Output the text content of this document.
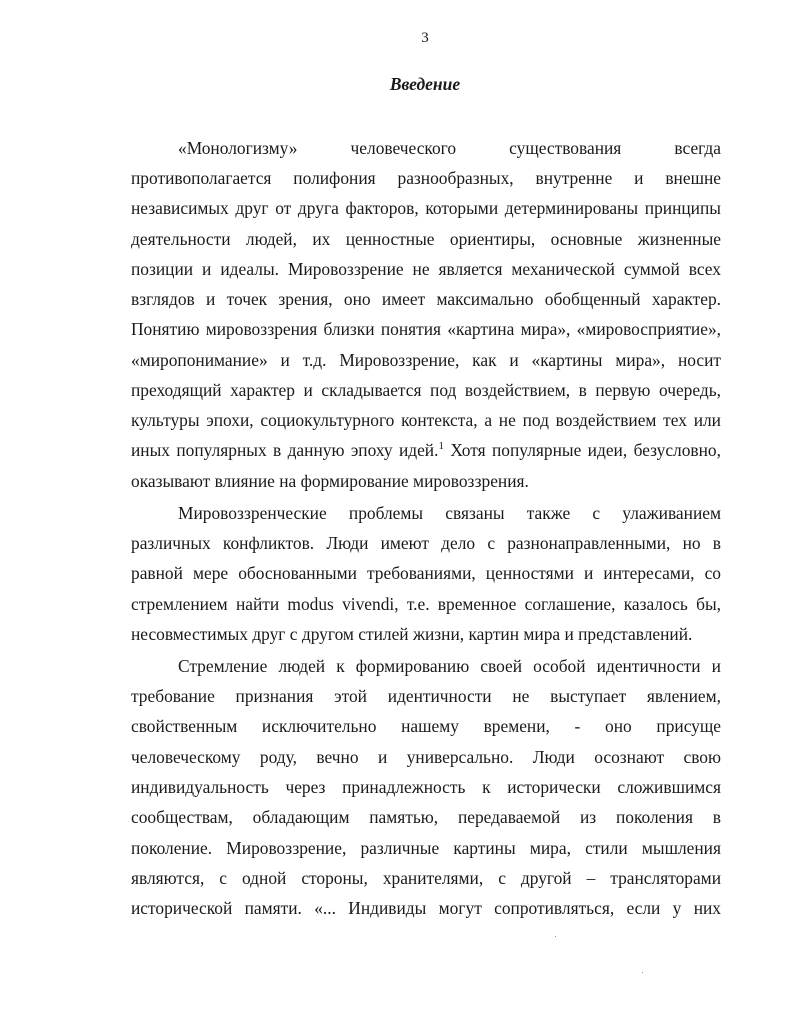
3
Введение
«Монологизму» человеческого существования всегда
противополагается полифония разнообразных, внутренне и внешне
независимых друг от друга факторов, которыми детерминированы принципы
деятельности людей, их ценностные ориентиры, основные жизненные
позиции и идеалы. Мировоззрение не является механической суммой всех
взглядов и точек зрения, оно имеет максимально обобщенный характер.
Понятию мировоззрения близки понятия «картина мира», «мировосприятие»,
«миропонимание» и т.д. Мировоззрение, как и «картины мира», носит
преходящий характер и складывается под воздействием, в первую очередь,
культуры эпохи, социокультурного контекста, а не под воздействием тех или
иных популярных в данную эпоху идей.$^1$ Хотя популярные идеи, безусловно,
оказывают влияние на формирование мировоззрения.
Мировоззренческие проблемы связаны также с улаживанием
различных конфликтов. Люди имеют дело с разнонаправленными, но в
равной мере обоснованными требованиями, ценностями и интересами, со
стремлением найти modus vivendi, т.е. временное соглашение, казалось бы,
несовместимых друг с другом стилей жизни, картин мира и представлений.
Стремление людей к формированию своей особой идентичности и
требование признания этой идентичности не выступает явлением,
свойственным исключительно нашему времени, - оно присуще
человеческому роду, вечно и универсально. Люди осознают свою
индивидуальность через принадлежность к исторически сложившимся
сообществам, обладающим памятью, передаваемой из поколения в
поколение. Мировоззрение, различные картины мира, стили мышления
являются, с одной стороны, хранителями, с другой – трансляторами
исторической памяти. «... Индивиды могут сопротивляться, если у них
